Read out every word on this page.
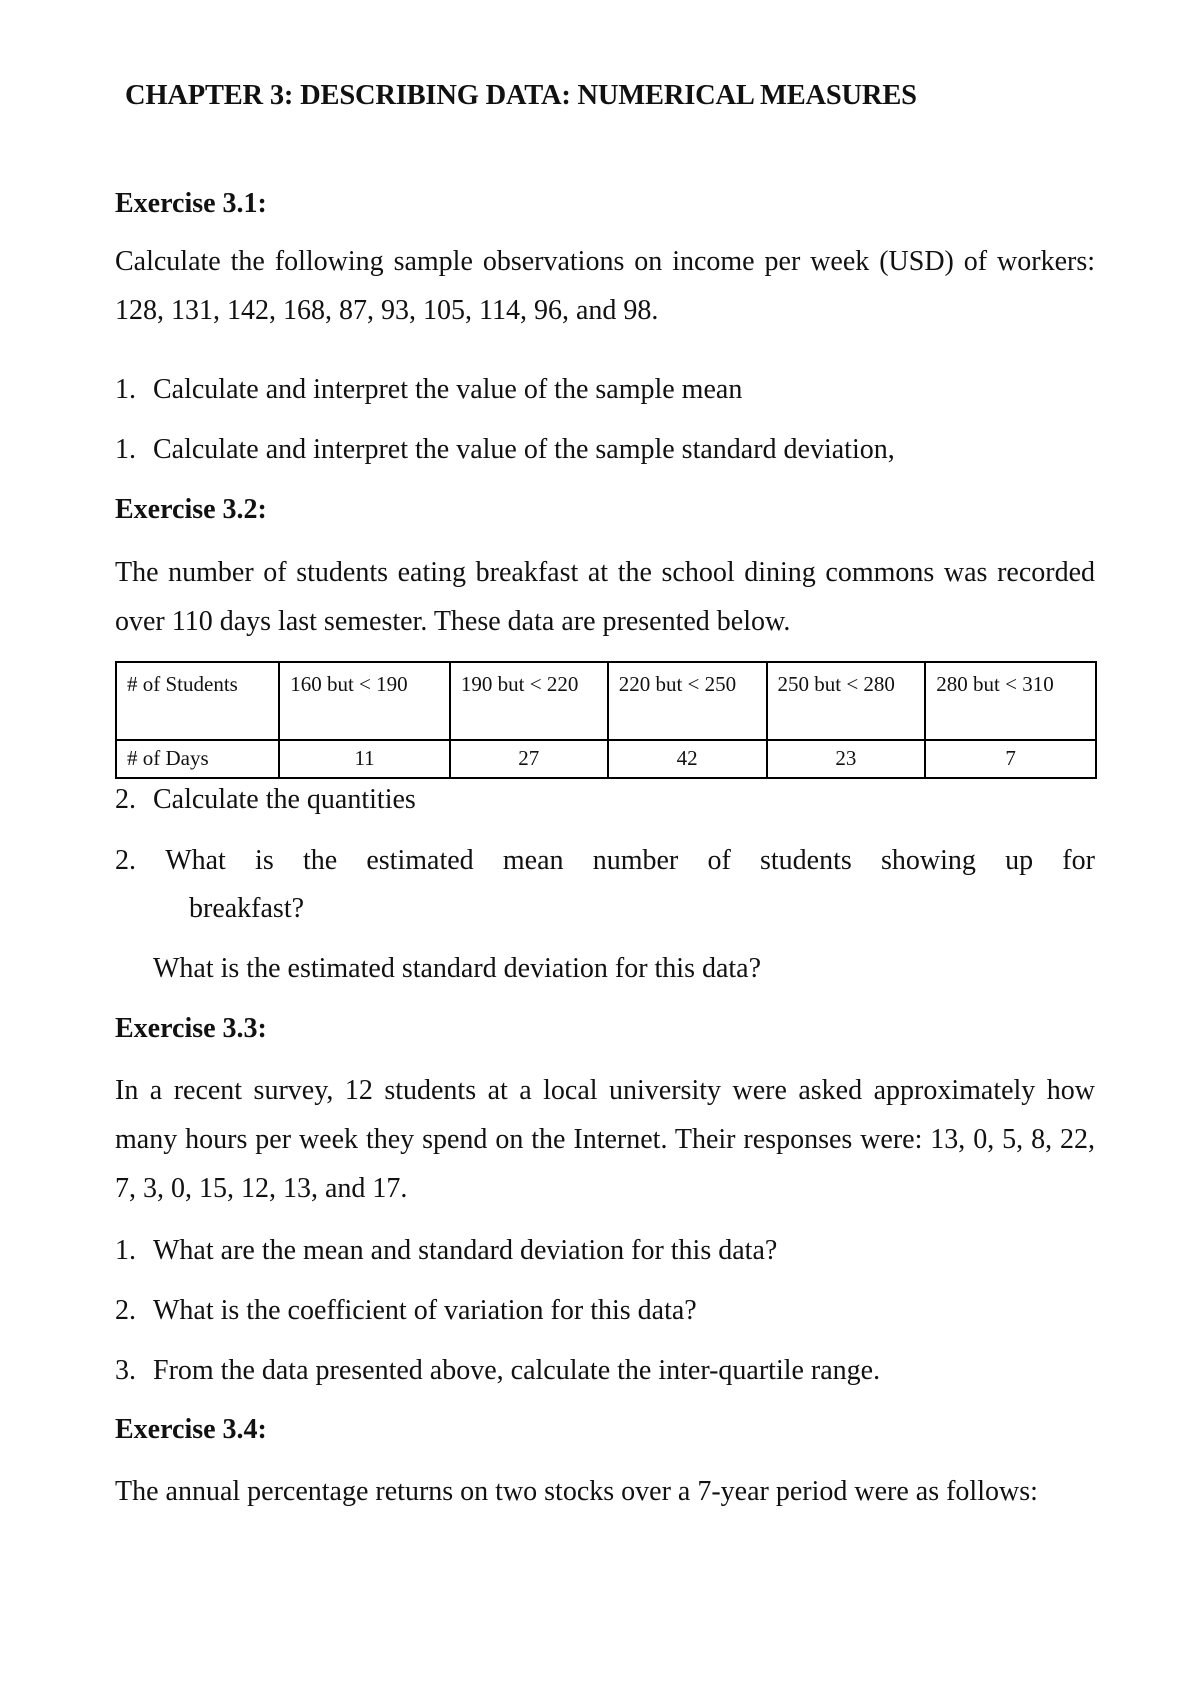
CHAPTER 3: DESCRIBING DATA: NUMERICAL MEASURES
Exercise 3.1:
Calculate the following sample observations on income per week (USD) of workers: 128, 131, 142, 168, 87, 93, 105, 114, 96, and 98.
1. Calculate and interpret the value of the sample mean
1. Calculate and interpret the value of the sample standard deviation,
Exercise 3.2:
The number of students eating breakfast at the school dining commons was recorded over 110 days last semester. These data are presented below.
# of Students	160 but < 190	190 but < 220	220 but < 250	250 but < 280	280 but < 310
# of Days	11	27	42	23	7
2. Calculate the quantities
2. What is the estimated mean number of students showing up for
breakfast?
What is the estimated standard deviation for this data?
Exercise 3.3:
In a recent survey, 12 students at a local university were asked approximately how many hours per week they spend on the Internet. Their responses were: 13, 0, 5, 8, 22, 7, 3, 0, 15, 12, 13, and 17.
1. What are the mean and standard deviation for this data?
2. What is the coefficient of variation for this data?
3. From the data presented above, calculate the inter-quartile range.
Exercise 3.4:
The annual percentage returns on two stocks over a 7-year period were as follows:
